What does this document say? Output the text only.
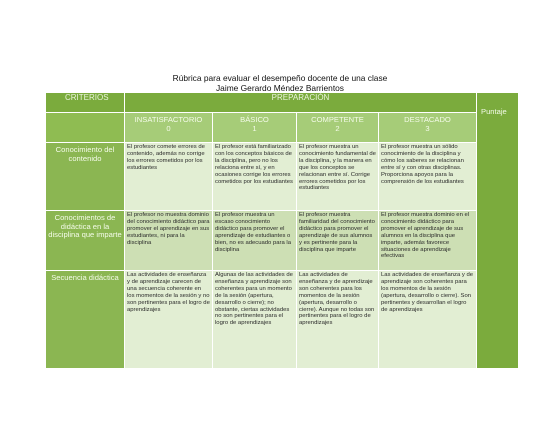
Rúbrica para evaluar el desempeño docente de una clase
Jaime Gerardo Méndez Barrientos
CRITERIOS	PREPARACIÓN
Puntaje
INSATISFACTORIO
0
BÁSICO
1
COMPETENTE
2
DESTACADO
3
Conocimiento del contenido
El profesor comete errores de contenido, además no corrige los errores cometidos por los estudiantes
El profesor está familiarizado con los conceptos básicos de la disciplina, pero no los relaciona entre sí, y en ocasiones corrige los errores cometidos por los estudiantes
El profesor muestra un conocimiento fundamental de la disciplina, y la manera en que los conceptos se relacionan entre sí. Corrige errores cometidos por los estudiantes
El profesor muestra un sólido conocimiento de la disciplina y cómo los saberes se relacionan entre sí y con otras disciplinas. Proporciona apoyos para la comprensión de los estudiantes
Conocimientos de didáctica en la disciplina que imparte
El profesor no muestra dominio del conocimiento didáctico para promover el aprendizaje en sus estudiantes, ni para la disciplina
El profesor muestra un escaso conocimiento didáctico para promover el aprendizaje de estudiantes o bien, no es adecuado para la disciplina
El profesor muestra familiaridad del conocimiento didáctico para promover el aprendizaje de sus alumnos y es pertinente para la disciplina que imparte
El profesor muestra dominio en el conocimiento didáctico para promover el aprendizaje de sus alumnos en la disciplina que imparte, además favorece situaciones de aprendizaje efectivas
Secuencia didáctica	Las actividades de enseñanza y de aprendizaje carecen de una secuencia coherente en los momentos de la sesión y no son pertinentes para el logro de aprendizajes
Algunas de las actividades de enseñanza y aprendizaje son coherentes para un momento de la sesión (apertura, desarrollo o cierre); no obstante, ciertas actividades no son pertinentes para el logro de aprendizajes
Las actividades de enseñanza y de aprendizaje son coherentes para los momentos de la sesión (apertura, desarrollo o cierre). Aunque no todas son pertinentes para el logro de aprendizajes
Las actividades de enseñanza y de aprendizaje son coherentes para los momentos de la sesión (apertura, desarrollo o cierre). Son pertinentes y desarrollan el logro de aprendizajes
